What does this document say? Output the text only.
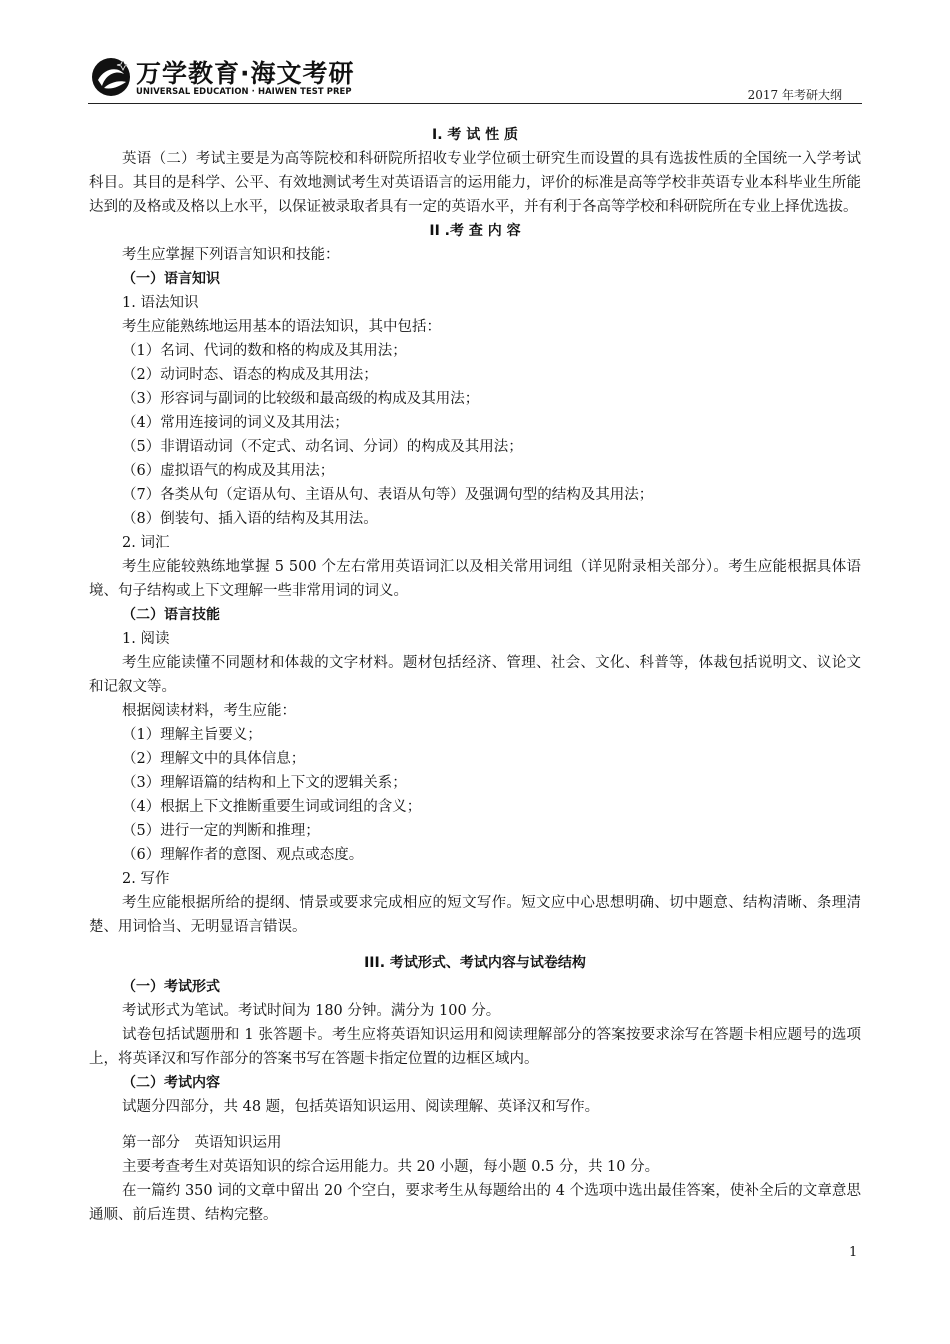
万学教育·海文考研
UNIVERSAL EDUCATION · HAIWEN TEST PREP	2017 年考研大纲
I. 考 试 性 质
英语（二）考试主要是为高等院校和科研院所招收专业学位硕士研究生而设置的具有选拔性质的全国统一入学考试科目。其目的是科学、公平、有效地测试考生对英语语言的运用能力，评价的标准是高等学校非英语专业本科毕业生所能达到的及格或及格以上水平，以保证被录取者具有一定的英语水平，并有利于各高等学校和科研院所在专业上择优选拔。
II .考 查 内 容
考生应掌握下列语言知识和技能：
（一）语言知识
1. 语法知识
考生应能熟练地运用基本的语法知识，其中包括：
（1）名词、代词的数和格的构成及其用法；
（2）动词时态、语态的构成及其用法；
（3）形容词与副词的比较级和最高级的构成及其用法；
（4）常用连接词的词义及其用法；
（5）非谓语动词（不定式、动名词、分词）的构成及其用法；
（6）虚拟语气的构成及其用法；
（7）各类从句（定语从句、主语从句、表语从句等）及强调句型的结构及其用法；
（8）倒装句、插入语的结构及其用法。
2. 词汇
考生应能较熟练地掌握 5 500 个左右常用英语词汇以及相关常用词组（详见附录相关部分）。考生应能根据具体语境、句子结构或上下文理解一些非常用词的词义。
（二）语言技能
1. 阅读
考生应能读懂不同题材和体裁的文字材料。题材包括经济、管理、社会、文化、科普等，体裁包括说明文、议论文和记叙文等。
根据阅读材料，考生应能：
（1）理解主旨要义；
（2）理解文中的具体信息；
（3）理解语篇的结构和上下文的逻辑关系；
（4）根据上下文推断重要生词或词组的含义；
（5）进行一定的判断和推理；
（6）理解作者的意图、观点或态度。
2. 写作
考生应能根据所给的提纲、情景或要求完成相应的短文写作。短文应中心思想明确、切中题意、结构清晰、条理清楚、用词恰当、无明显语言错误。
III. 考试形式、考试内容与试卷结构
（一）考试形式
考试形式为笔试。考试时间为 180 分钟。满分为 100 分。
试卷包括试题册和 1 张答题卡。考生应将英语知识运用和阅读理解部分的答案按要求涂写在答题卡相应题号的选项上，将英译汉和写作部分的答案书写在答题卡指定位置的边框区域内。
（二）考试内容
试题分四部分，共 48 题，包括英语知识运用、阅读理解、英译汉和写作。
第一部分　英语知识运用
主要考查考生对英语知识的综合运用能力。共 20 小题，每小题 0.5 分，共 10 分。
在一篇约 350 词的文章中留出 20 个空白，要求考生从每题给出的 4 个选项中选出最佳答案，使补全后的文章意思通顺、前后连贯、结构完整。
1
